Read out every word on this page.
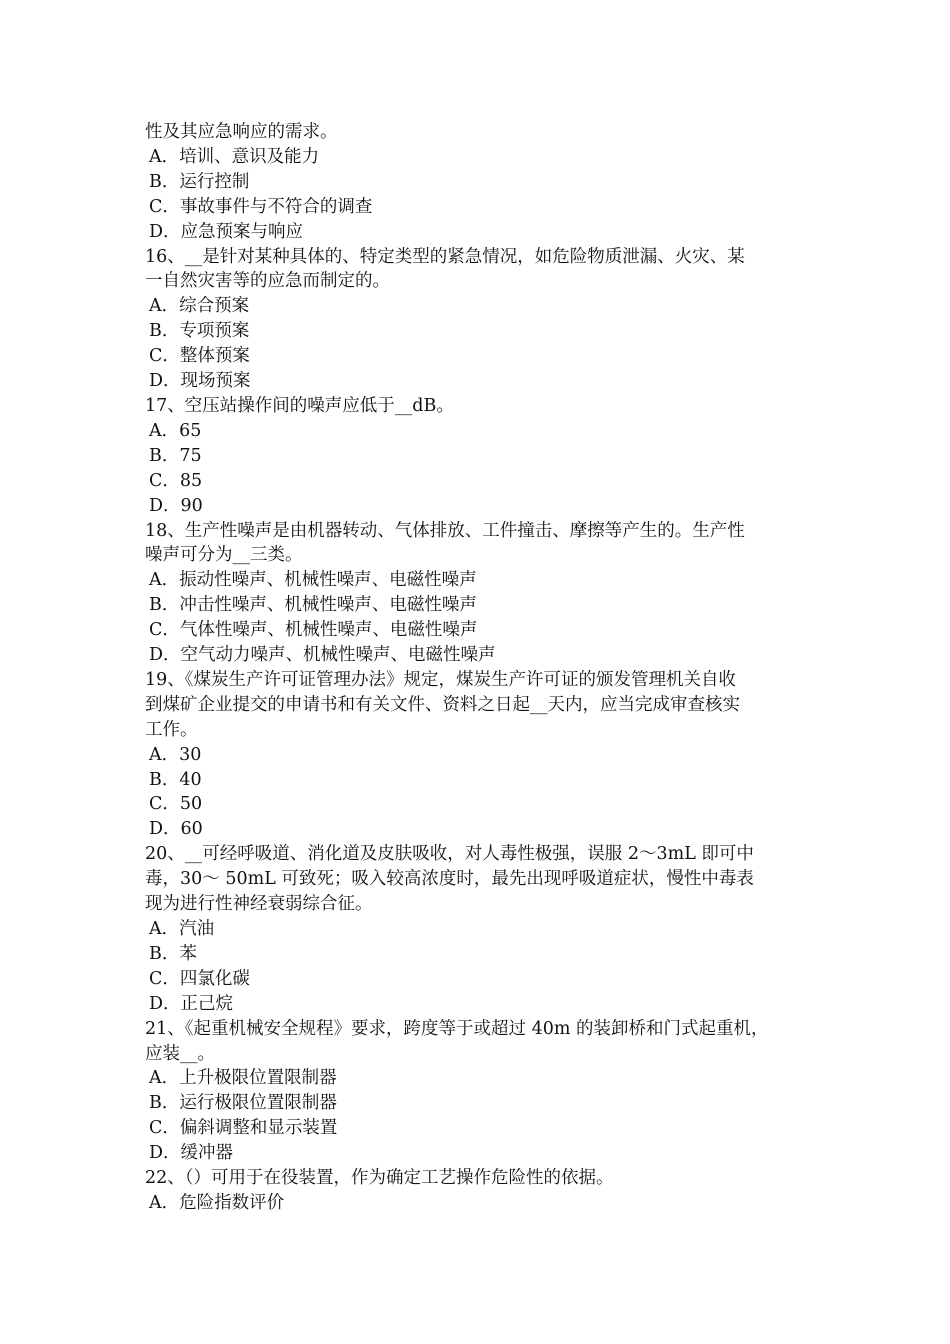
性及其应急响应的需求。

A．培训、意识及能力

B．运行控制

C．事故事件与不符合的调查

D．应急预案与响应

16、__是针对某种具体的、特定类型的紧急情况，如危险物质泄漏、火灾、某

一自然灾害等的应急而制定的。

A．综合预案

B．专项预案

C．整体预案

D．现场预案

17、空压站操作间的噪声应低于__dB。

A．65

B．75

C．85

D．90

18、生产性噪声是由机器转动、气体排放、工件撞击、摩擦等产生的。生产性

噪声可分为__三类。

A．振动性噪声、机械性噪声、电磁性噪声

B．冲击性噪声、机械性噪声、电磁性噪声

C．气体性噪声、机械性噪声、电磁性噪声

D．空气动力噪声、机械性噪声、电磁性噪声

19、《煤炭生产许可证管理办法》规定，煤炭生产许可证的颁发管理机关自收

到煤矿企业提交的申请书和有关文件、资料之日起__天内，应当完成审查核实

工作。

A．30

B．40

C．50

D．60

20、__可经呼吸道、消化道及皮肤吸收，对人毒性极强，误服 2～3mL 即可中

毒，30～ 50mL 可致死；吸入较高浓度时，最先出现呼吸道症状，慢性中毒表

现为进行性神经衰弱综合征。

A．汽油

B．苯

C．四氯化碳

D．正己烷

21、《起重机械安全规程》要求，跨度等于或超过 40m 的装卸桥和门式起重机，

应装__。

A．上升极限位置限制器

B．运行极限位置限制器

C．偏斜调整和显示装置

D．缓冲器

22、（）可用于在役装置，作为确定工艺操作危险性的依据。

A．危险指数评价
